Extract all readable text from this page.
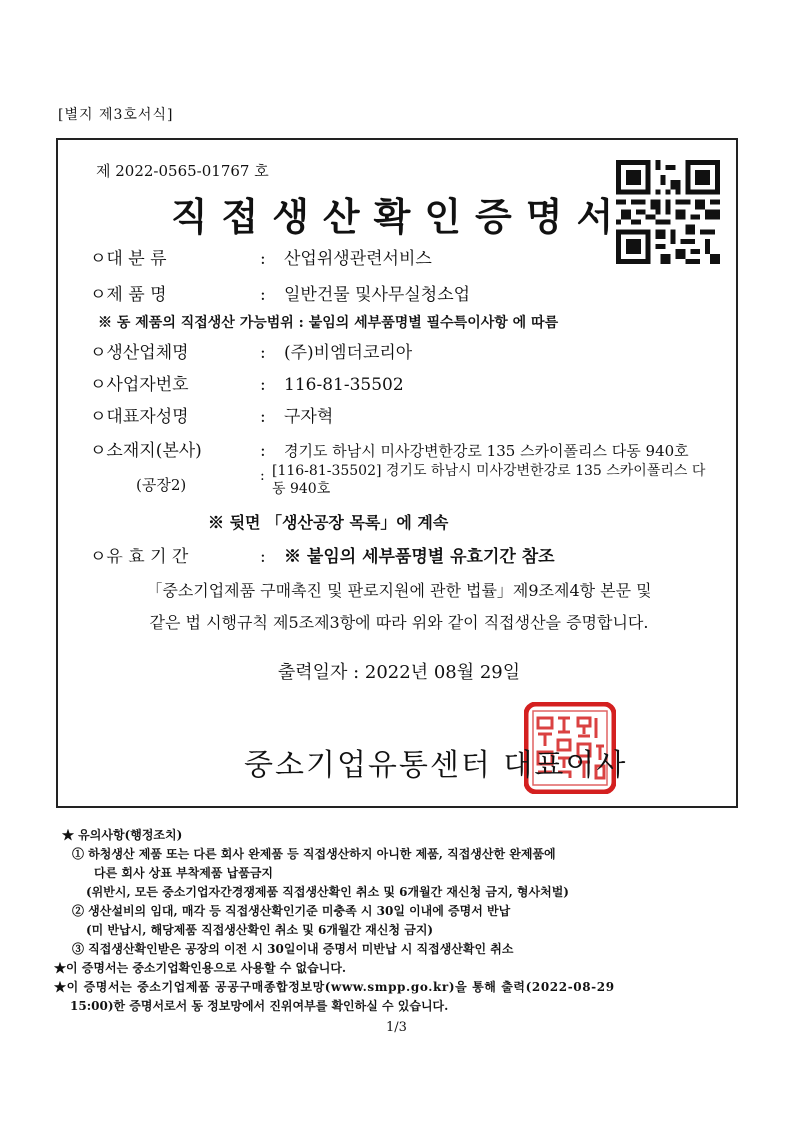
[별지 제3호서식]
제 2022-0565-01767 호
직접생산확인증명서
ㅇ대 분 류	: 산업위생관련서비스
ㅇ제 품 명	: 일반건물 및사무실청소업
※ 동 제품의 직접생산 가능범위 : 붙임의 세부품명별 필수특이사항 에 따름
ㅇ생산업체명	: (주)비엠더코리아
ㅇ사업자번호	: 116-81-35502
ㅇ대표자성명	: 구자혁
ㅇ소재지(본사)	: 경기도 하남시 미사강변한강로 135 스카이폴리스 다동 940호
(공장2)	: [116-81-35502] 경기도 하남시 미사강변한강로 135 스카이폴리스 다동 940호
※ 뒷면 「생산공장 목록」에 계속
ㅇ유 효 기 간	: ※ 붙임의 세부품명별 유효기간 참조
「중소기업제품 구매촉진 및 판로지원에 관한 법률」제9조제4항 본문 및
같은 법 시행규칙 제5조제3항에 따라 위와 같이 직접생산을 증명합니다.
출력일자 : 2022년 08월 29일
중소기업유통센터 대표이사
★ 유의사항(행정조치)
① 하청생산 제품 또는 다른 회사 완제품 등 직접생산하지 아니한 제품, 직접생산한 완제품에
다른 회사 상표 부착제품 납품금지
(위반시, 모든 중소기업자간경쟁제품 직접생산확인 취소 및 6개월간 재신청 금지, 형사처벌)
② 생산설비의 임대, 매각 등 직접생산확인기준 미충족 시 30일 이내에 증명서 반납
(미 반납시, 해당제품 직접생산확인 취소 및 6개월간 재신청 금지)
③ 직접생산확인받은 공장의 이전 시 30일이내 증명서 미반납 시 직접생산확인 취소
★이 증명서는 중소기업확인용으로 사용할 수 없습니다.
★이 증명서는 중소기업제품 공공구매종합정보망(www.smpp.go.kr)을 통해 출력(2022-08-29
15:00)한 증명서로서 동 정보망에서 진위여부를 확인하실 수 있습니다.
1/3
